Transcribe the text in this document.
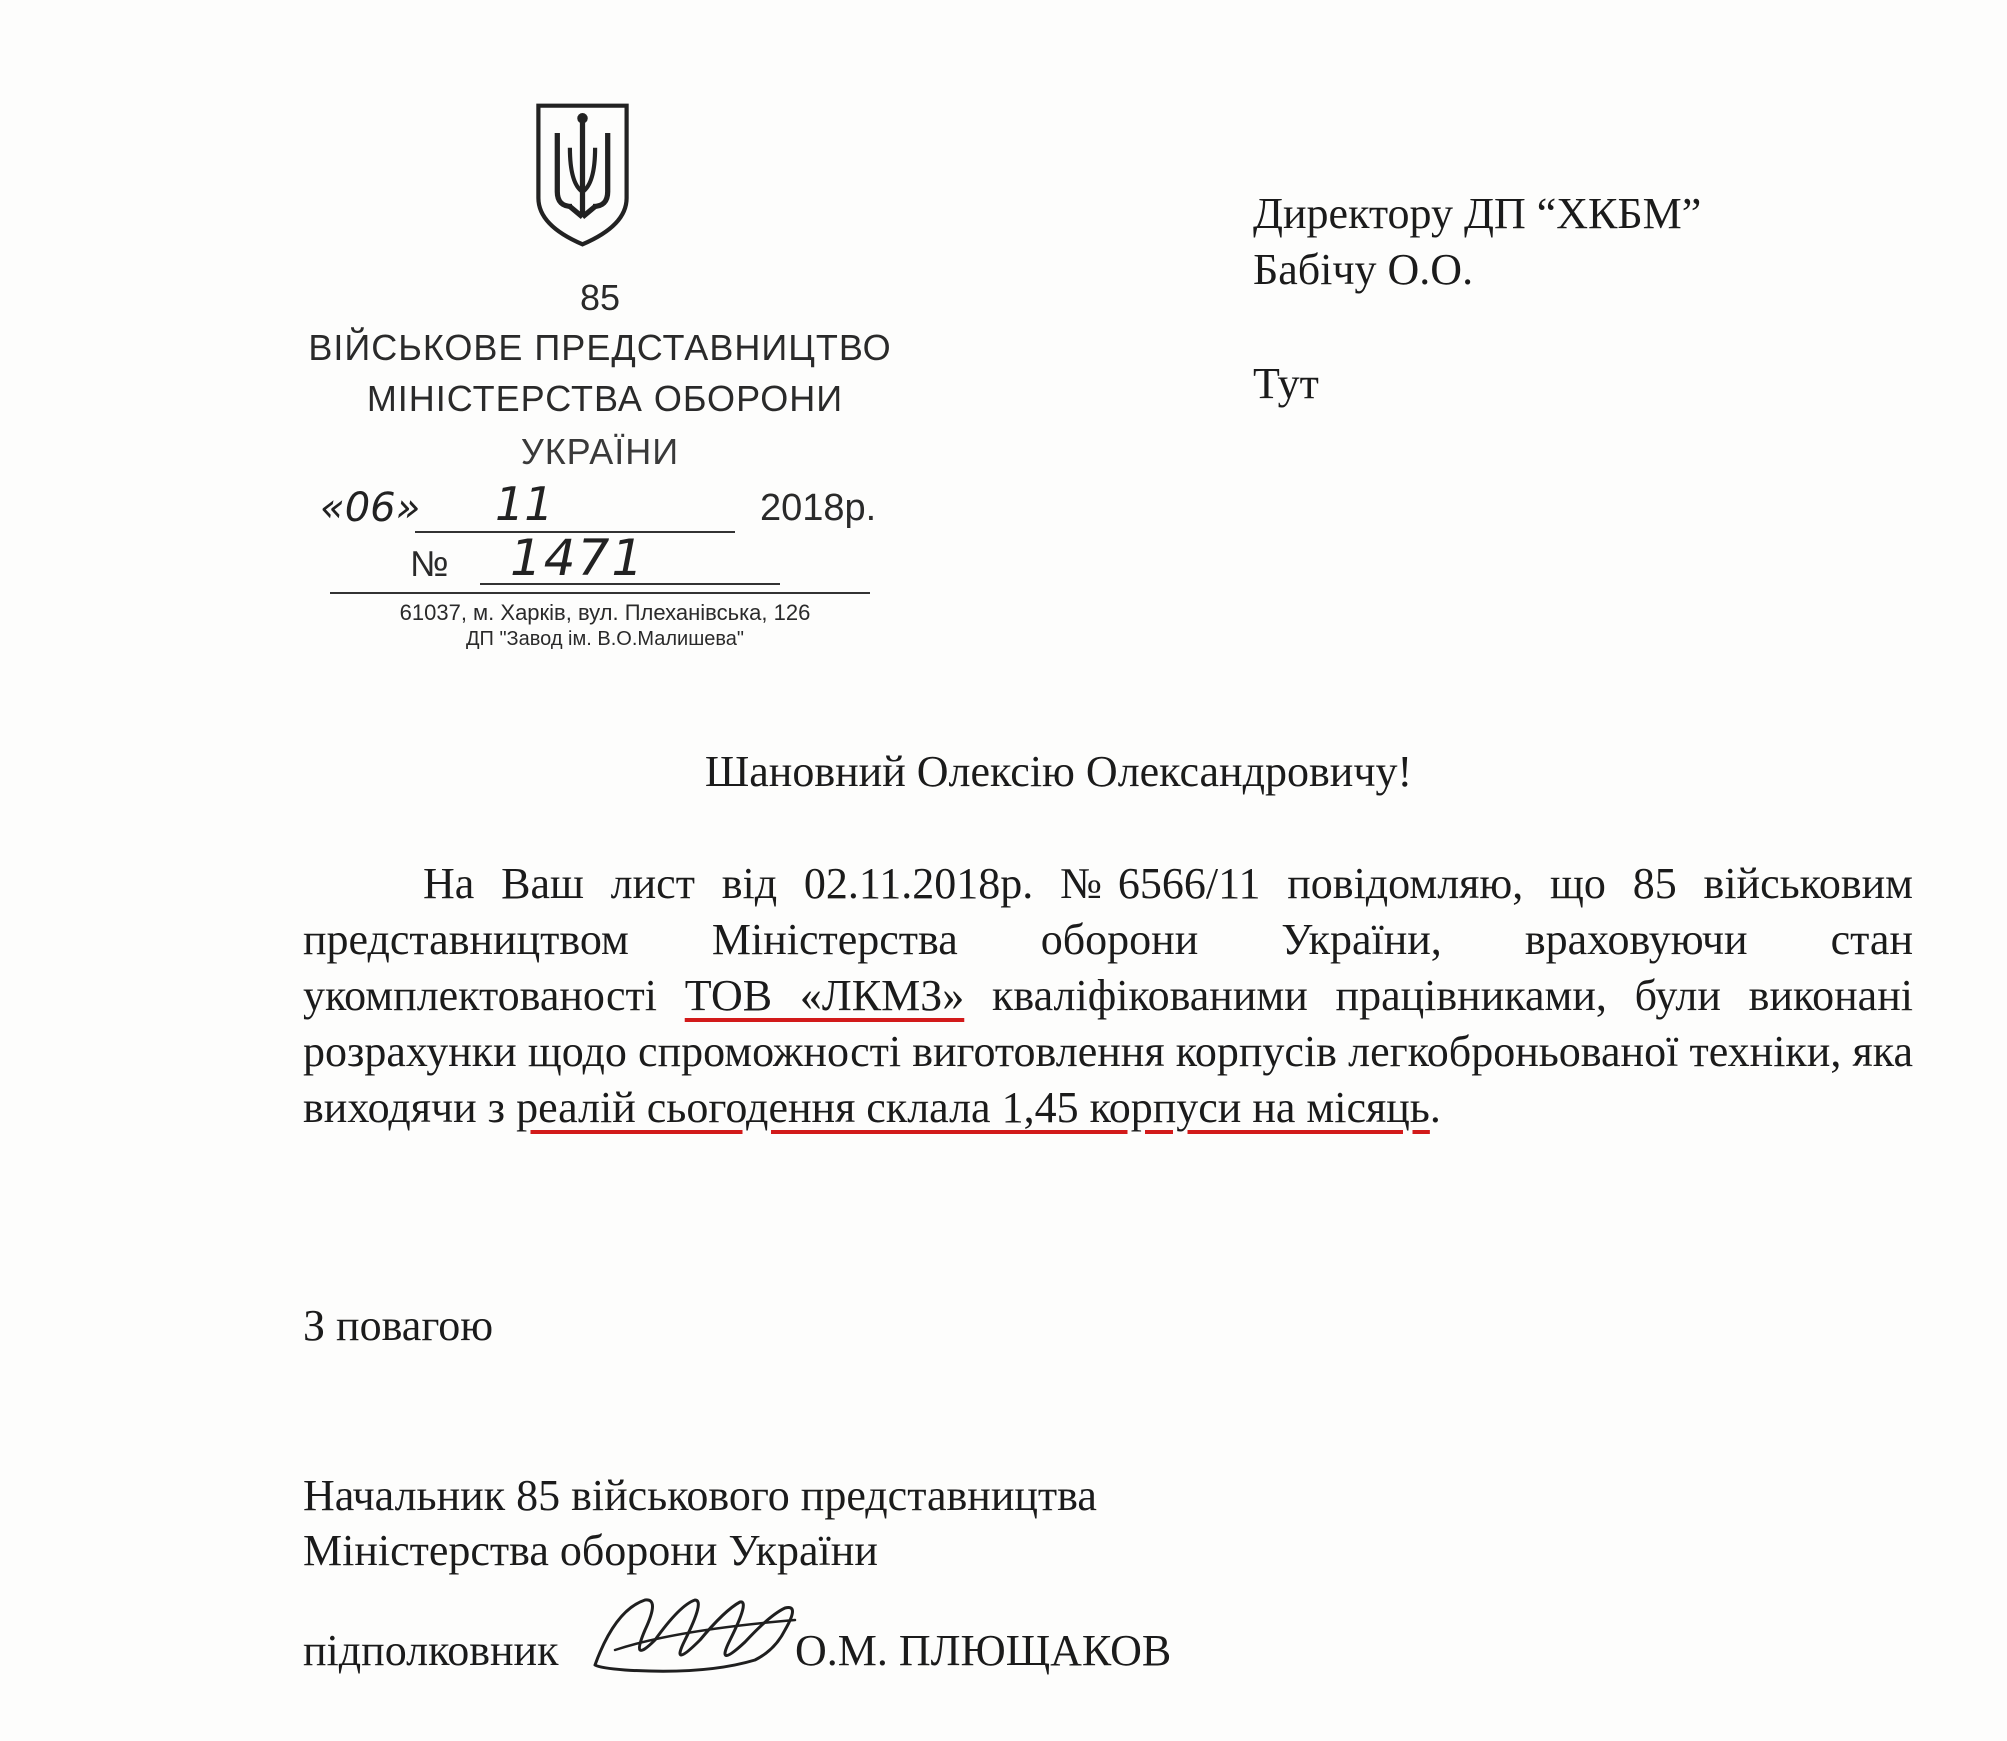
85
ВІЙСЬКОВЕ ПРЕДСТАВНИЦТВО
МІНІСТЕРСТВА ОБОРОНИ
УКРАЇНИ
«06» 11	2018р.
№ 1471
61037, м. Харків, вул. Плеханівська, 126
ДП "Завод ім. В.О.Малишева"
Директору ДП “ХКБМ”
Бабічу О.О.
Тут
Шановний Олексію Олександровичу!
На Ваш лист від 02.11.2018р. №6566/11 повідомляю, що 85 військовим представництвом Міністерства оборони України, враховуючи стан укомплектованості ТОВ «ЛКМЗ» кваліфікованими працівниками, були виконані розрахунки щодо спроможності виготовлення корпусів легкоброньованої техніки, яка виходячи з реалій сьогодення склала 1,45 корпуси на місяць.
З повагою
Начальник 85 військового представництва
Міністерства оборони України
підполковник	О.М. ПЛЮЩАКОВ
